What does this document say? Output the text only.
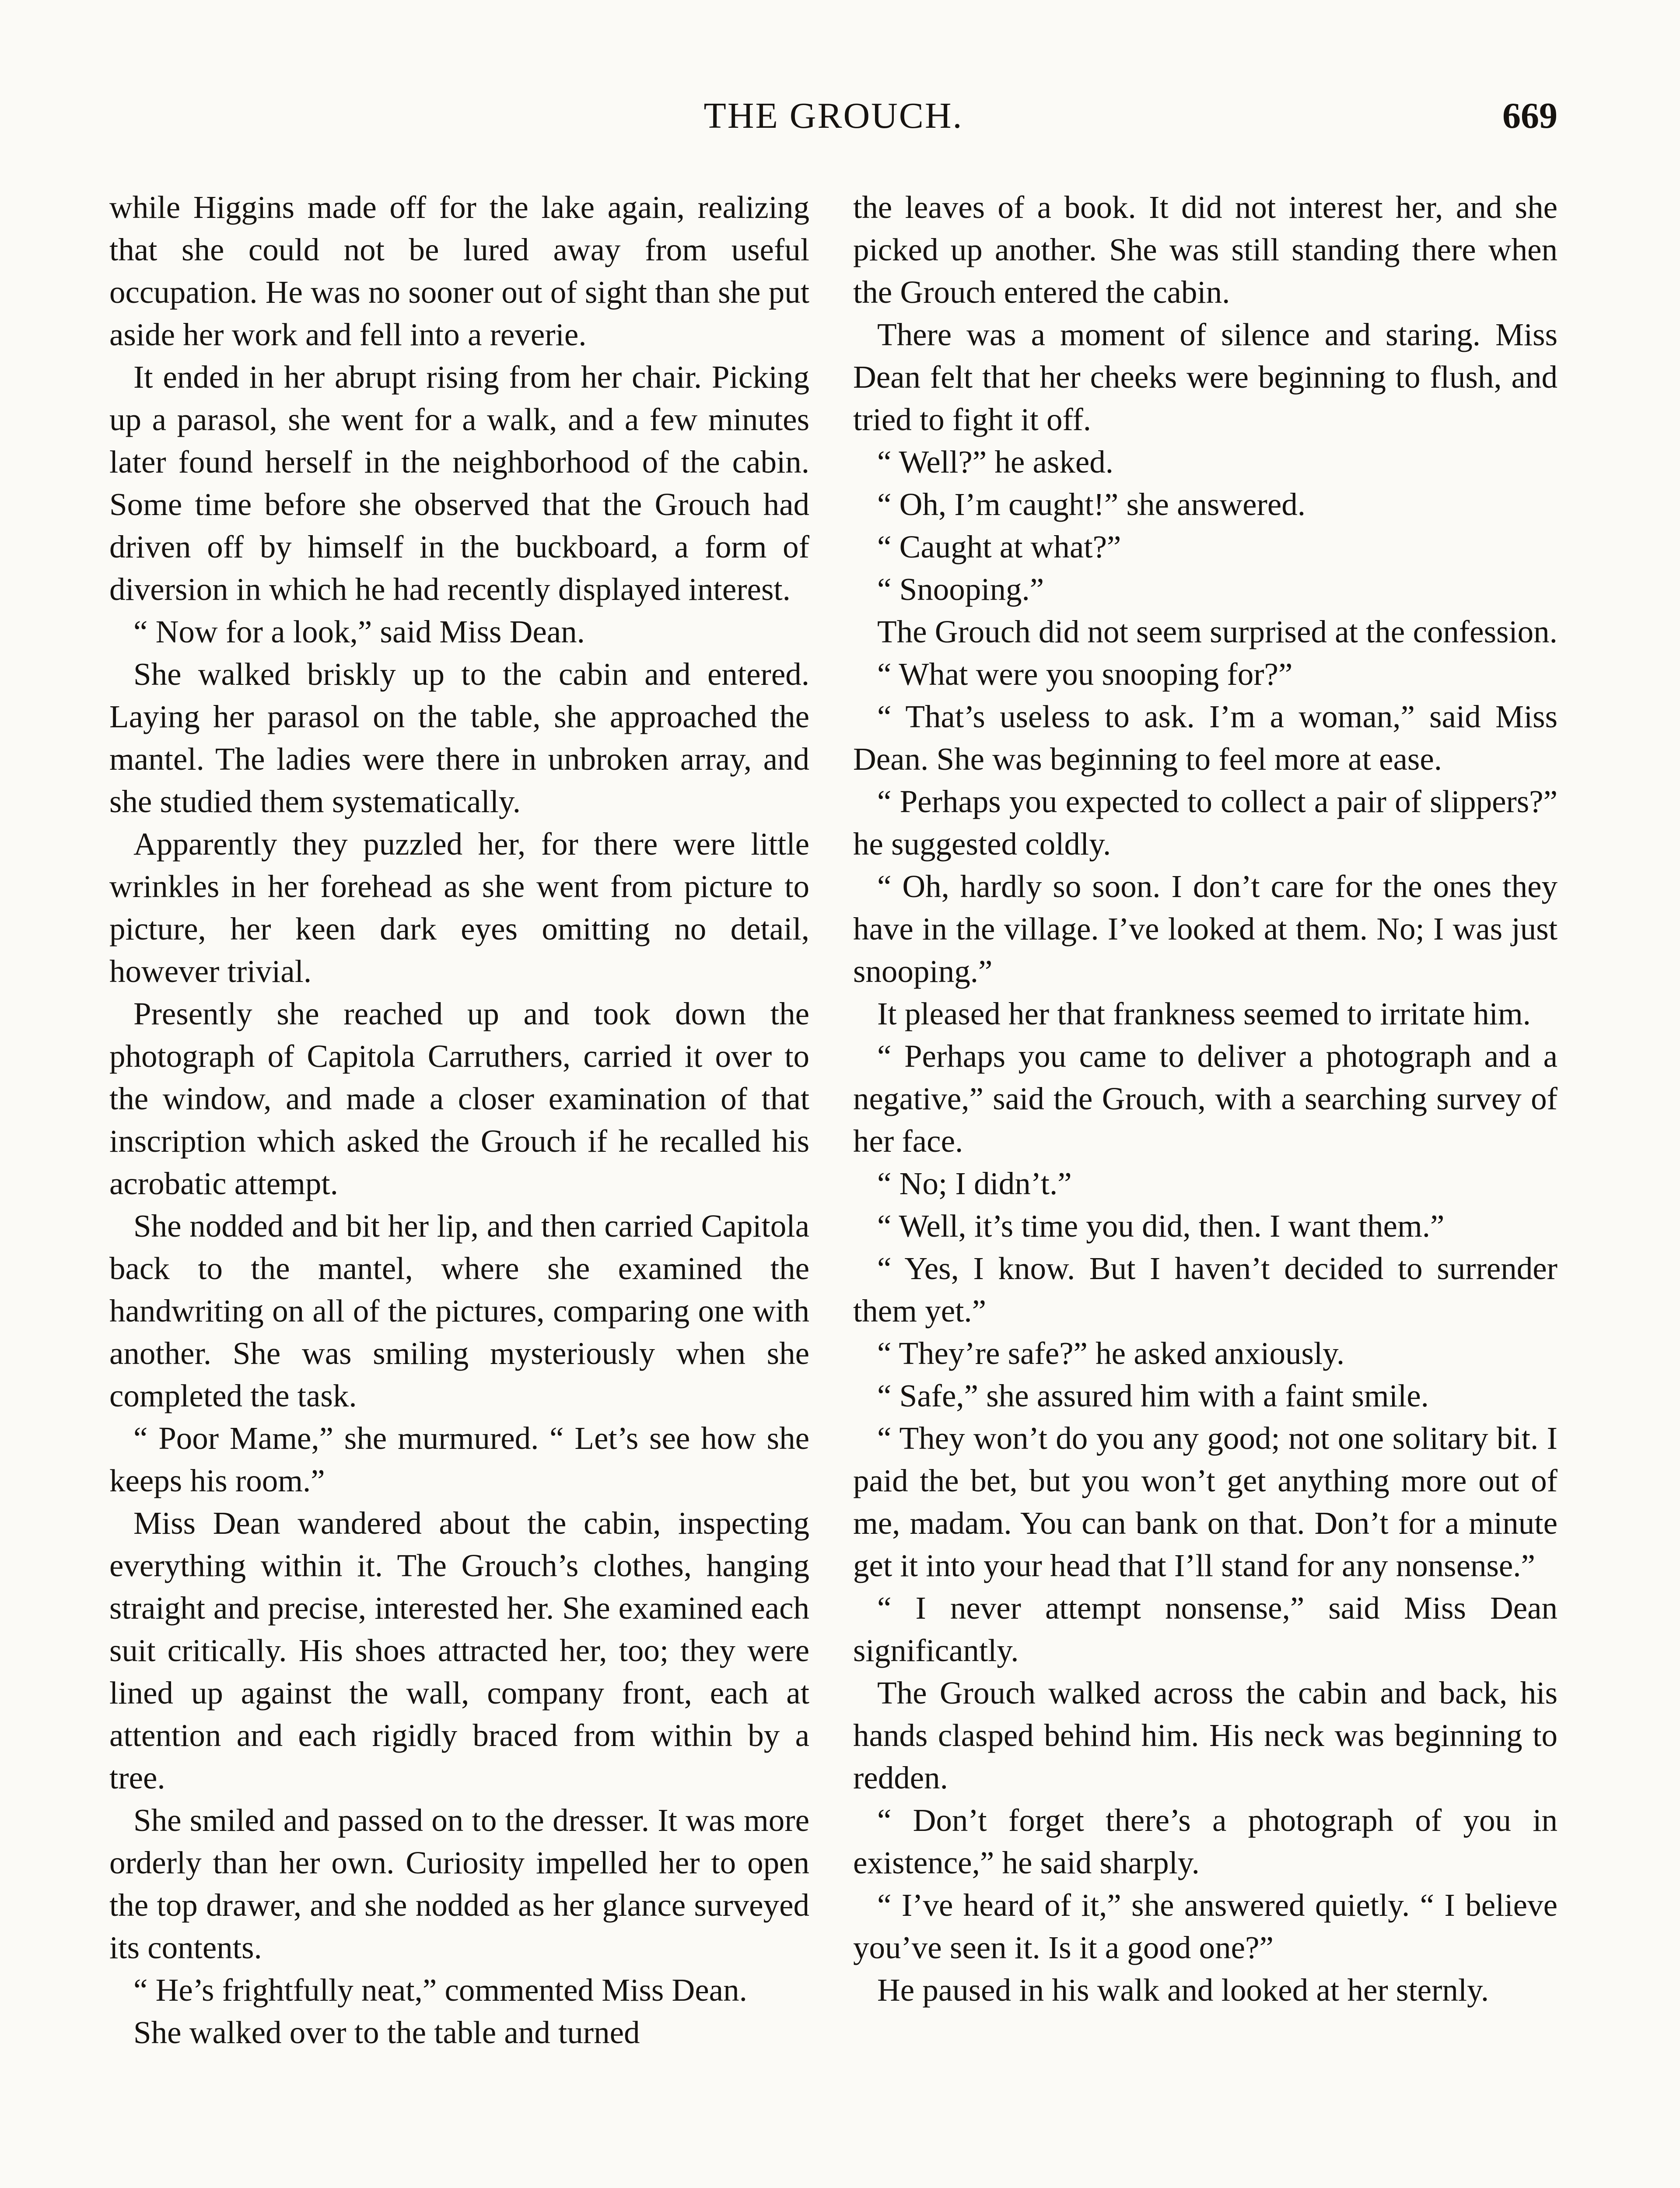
THE GROUCH.	669

while Higgins made off for the lake again, realizing that she could not be lured away from useful occupation. He was no sooner out of sight than she put aside her work and fell into a reverie.

It ended in her abrupt rising from her chair. Picking up a parasol, she went for a walk, and a few minutes later found herself in the neighborhood of the cabin. Some time before she observed that the Grouch had driven off by himself in the buckboard, a form of diversion in which he had recently displayed interest.

“ Now for a look,” said Miss Dean.

She walked briskly up to the cabin and entered. Laying her parasol on the table, she approached the mantel. The ladies were there in unbroken array, and she studied them systematically.

Apparently they puzzled her, for there were little wrinkles in her forehead as she went from picture to picture, her keen dark eyes omitting no detail, however trivial.

Presently she reached up and took down the photograph of Capitola Carruthers, carried it over to the window, and made a closer examination of that inscription which asked the Grouch if he recalled his acrobatic attempt.

She nodded and bit her lip, and then carried Capitola back to the mantel, where she examined the handwriting on all of the pictures, comparing one with another. She was smiling mysteriously when she completed the task.

“ Poor Mame,” she murmured. “ Let’s see how she keeps his room.”

Miss Dean wandered about the cabin, inspecting everything within it. The Grouch’s clothes, hanging straight and precise, interested her. She examined each suit critically. His shoes attracted her, too; they were lined up against the wall, company front, each at attention and each rigidly braced from within by a tree.

She smiled and passed on to the dresser. It was more orderly than her own. Curiosity impelled her to open the top drawer, and she nodded as her glance surveyed its contents.

“ He’s frightfully neat,” commented Miss Dean.

She walked over to the table and turned

the leaves of a book. It did not interest her, and she picked up another. She was still standing there when the Grouch entered the cabin.

There was a moment of silence and staring. Miss Dean felt that her cheeks were beginning to flush, and tried to fight it off.

“ Well?” he asked.

“ Oh, I’m caught!” she answered.

“ Caught at what?”

“ Snooping.”

The Grouch did not seem surprised at the confession.

“ What were you snooping for?”

“ That’s useless to ask. I’m a woman,” said Miss Dean. She was beginning to feel more at ease.

“ Perhaps you expected to collect a pair of slippers?” he suggested coldly.

“ Oh, hardly so soon. I don’t care for the ones they have in the village. I’ve looked at them. No; I was just snooping.”

It pleased her that frankness seemed to irritate him.

“ Perhaps you came to deliver a photograph and a negative,” said the Grouch, with a searching survey of her face.

“ No; I didn’t.”

“ Well, it’s time you did, then. I want them.”

“ Yes, I know. But I haven’t decided to surrender them yet.”

“ They’re safe?” he asked anxiously.

“ Safe,” she assured him with a faint smile.

“ They won’t do you any good; not one solitary bit. I paid the bet, but you won’t get anything more out of me, madam. You can bank on that. Don’t for a minute get it into your head that I’ll stand for any nonsense.”

“ I never attempt nonsense,” said Miss Dean significantly.

The Grouch walked across the cabin and back, his hands clasped behind him. His neck was beginning to redden.

“ Don’t forget there’s a photograph of you in existence,” he said sharply.

“ I’ve heard of it,” she answered quietly. “ I believe you’ve seen it. Is it a good one?”

He paused in his walk and looked at her sternly.
